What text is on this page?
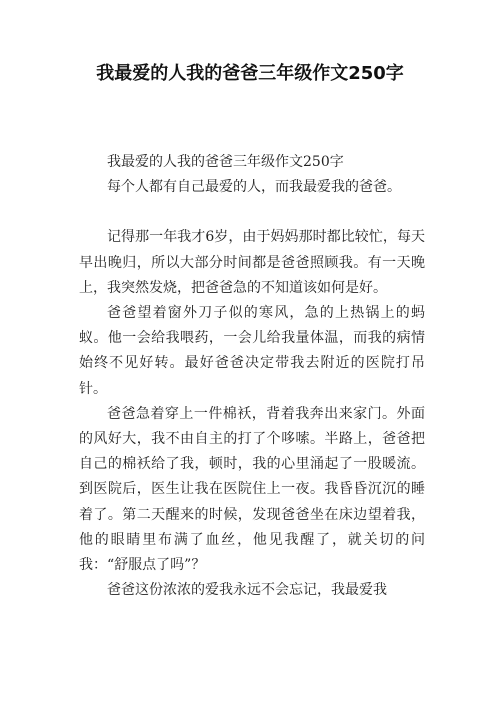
我最爱的人我的爸爸三年级作文250字

我最爱的人我的爸爸三年级作文250字

每个人都有自己最爱的人，而我最爱我的爸爸。

记得那一年我才6岁，由于妈妈那时都比较忙，每天早出晚归，所以大部分时间都是爸爸照顾我。有一天晚上，我突然发烧，把爸爸急的不知道该如何是好。

爸爸望着窗外刀子似的寒风，急的上热锅上的蚂蚁。他一会给我喂药，一会儿给我量体温，而我的病情始终不见好转。最好爸爸决定带我去附近的医院打吊针。

爸爸急着穿上一件棉袄，背着我奔出来家门。外面的风好大，我不由自主的打了个哆嗦。半路上，爸爸把自己的棉袄给了我，顿时，我的心里涌起了一股暖流。到医院后，医生让我在医院住上一夜。我昏昏沉沉的睡着了。第二天醒来的时候，发现爸爸坐在床边望着我，他的眼睛里布满了血丝，他见我醒了，就关切的问我：“舒服点了吗”？

爸爸这份浓浓的爱我永远不会忘记，我最爱我
